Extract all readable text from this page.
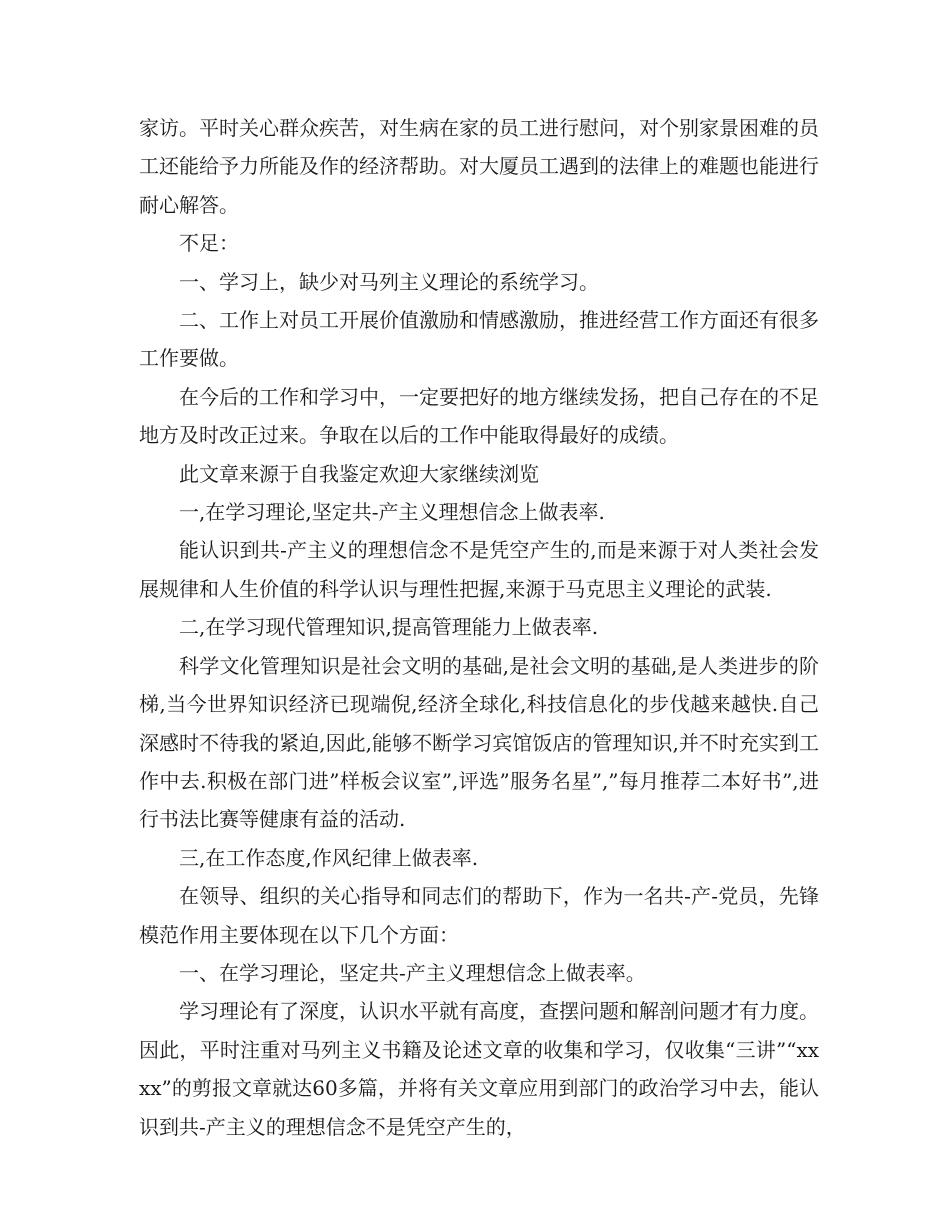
家访。平时关心群众疾苦，对生病在家的员工进行慰问，对个别家景困难的员工还能给予力所能及作的经济帮助。对大厦员工遇到的法律上的难题也能进行耐心解答。

不足：

一、学习上，缺少对马列主义理论的系统学习。

二、工作上对员工开展价值激励和情感激励，推进经营工作方面还有很多工作要做。

在今后的工作和学习中，一定要把好的地方继续发扬，把自己存在的不足地方及时改正过来。争取在以后的工作中能取得最好的成绩。

此文章来源于自我鉴定欢迎大家继续浏览

一,在学习理论,坚定共-产主义理想信念上做表率.

能认识到共-产主义的理想信念不是凭空产生的,而是来源于对人类社会发展规律和人生价值的科学认识与理性把握,来源于马克思主义理论的武装.

二,在学习现代管理知识,提高管理能力上做表率.

科学文化管理知识是社会文明的基础,是社会文明的基础,是人类进步的阶梯,当今世界知识经济已现端倪,经济全球化,科技信息化的步伐越来越快.自己深感时不待我的紧迫,因此,能够不断学习宾馆饭店的管理知识,并不时充实到工作中去.积极在部门进”样板会议室”,评选”服务名星”,”每月推荐二本好书”,进行书法比赛等健康有益的活动.

三,在工作态度,作风纪律上做表率.

在领导、组织的关心指导和同志们的帮助下，作为一名共-产-党员，先锋模范作用主要体现在以下几个方面：

一、在学习理论，坚定共-产主义理想信念上做表率。

学习理论有了深度，认识水平就有高度，查摆问题和解剖问题才有力度。因此，平时注重对马列主义书籍及论述文章的收集和学习，仅收集“三讲”“xxxx”的剪报文章就达60多篇，并将有关文章应用到部门的政治学习中去，能认识到共-产主义的理想信念不是凭空产生的，
